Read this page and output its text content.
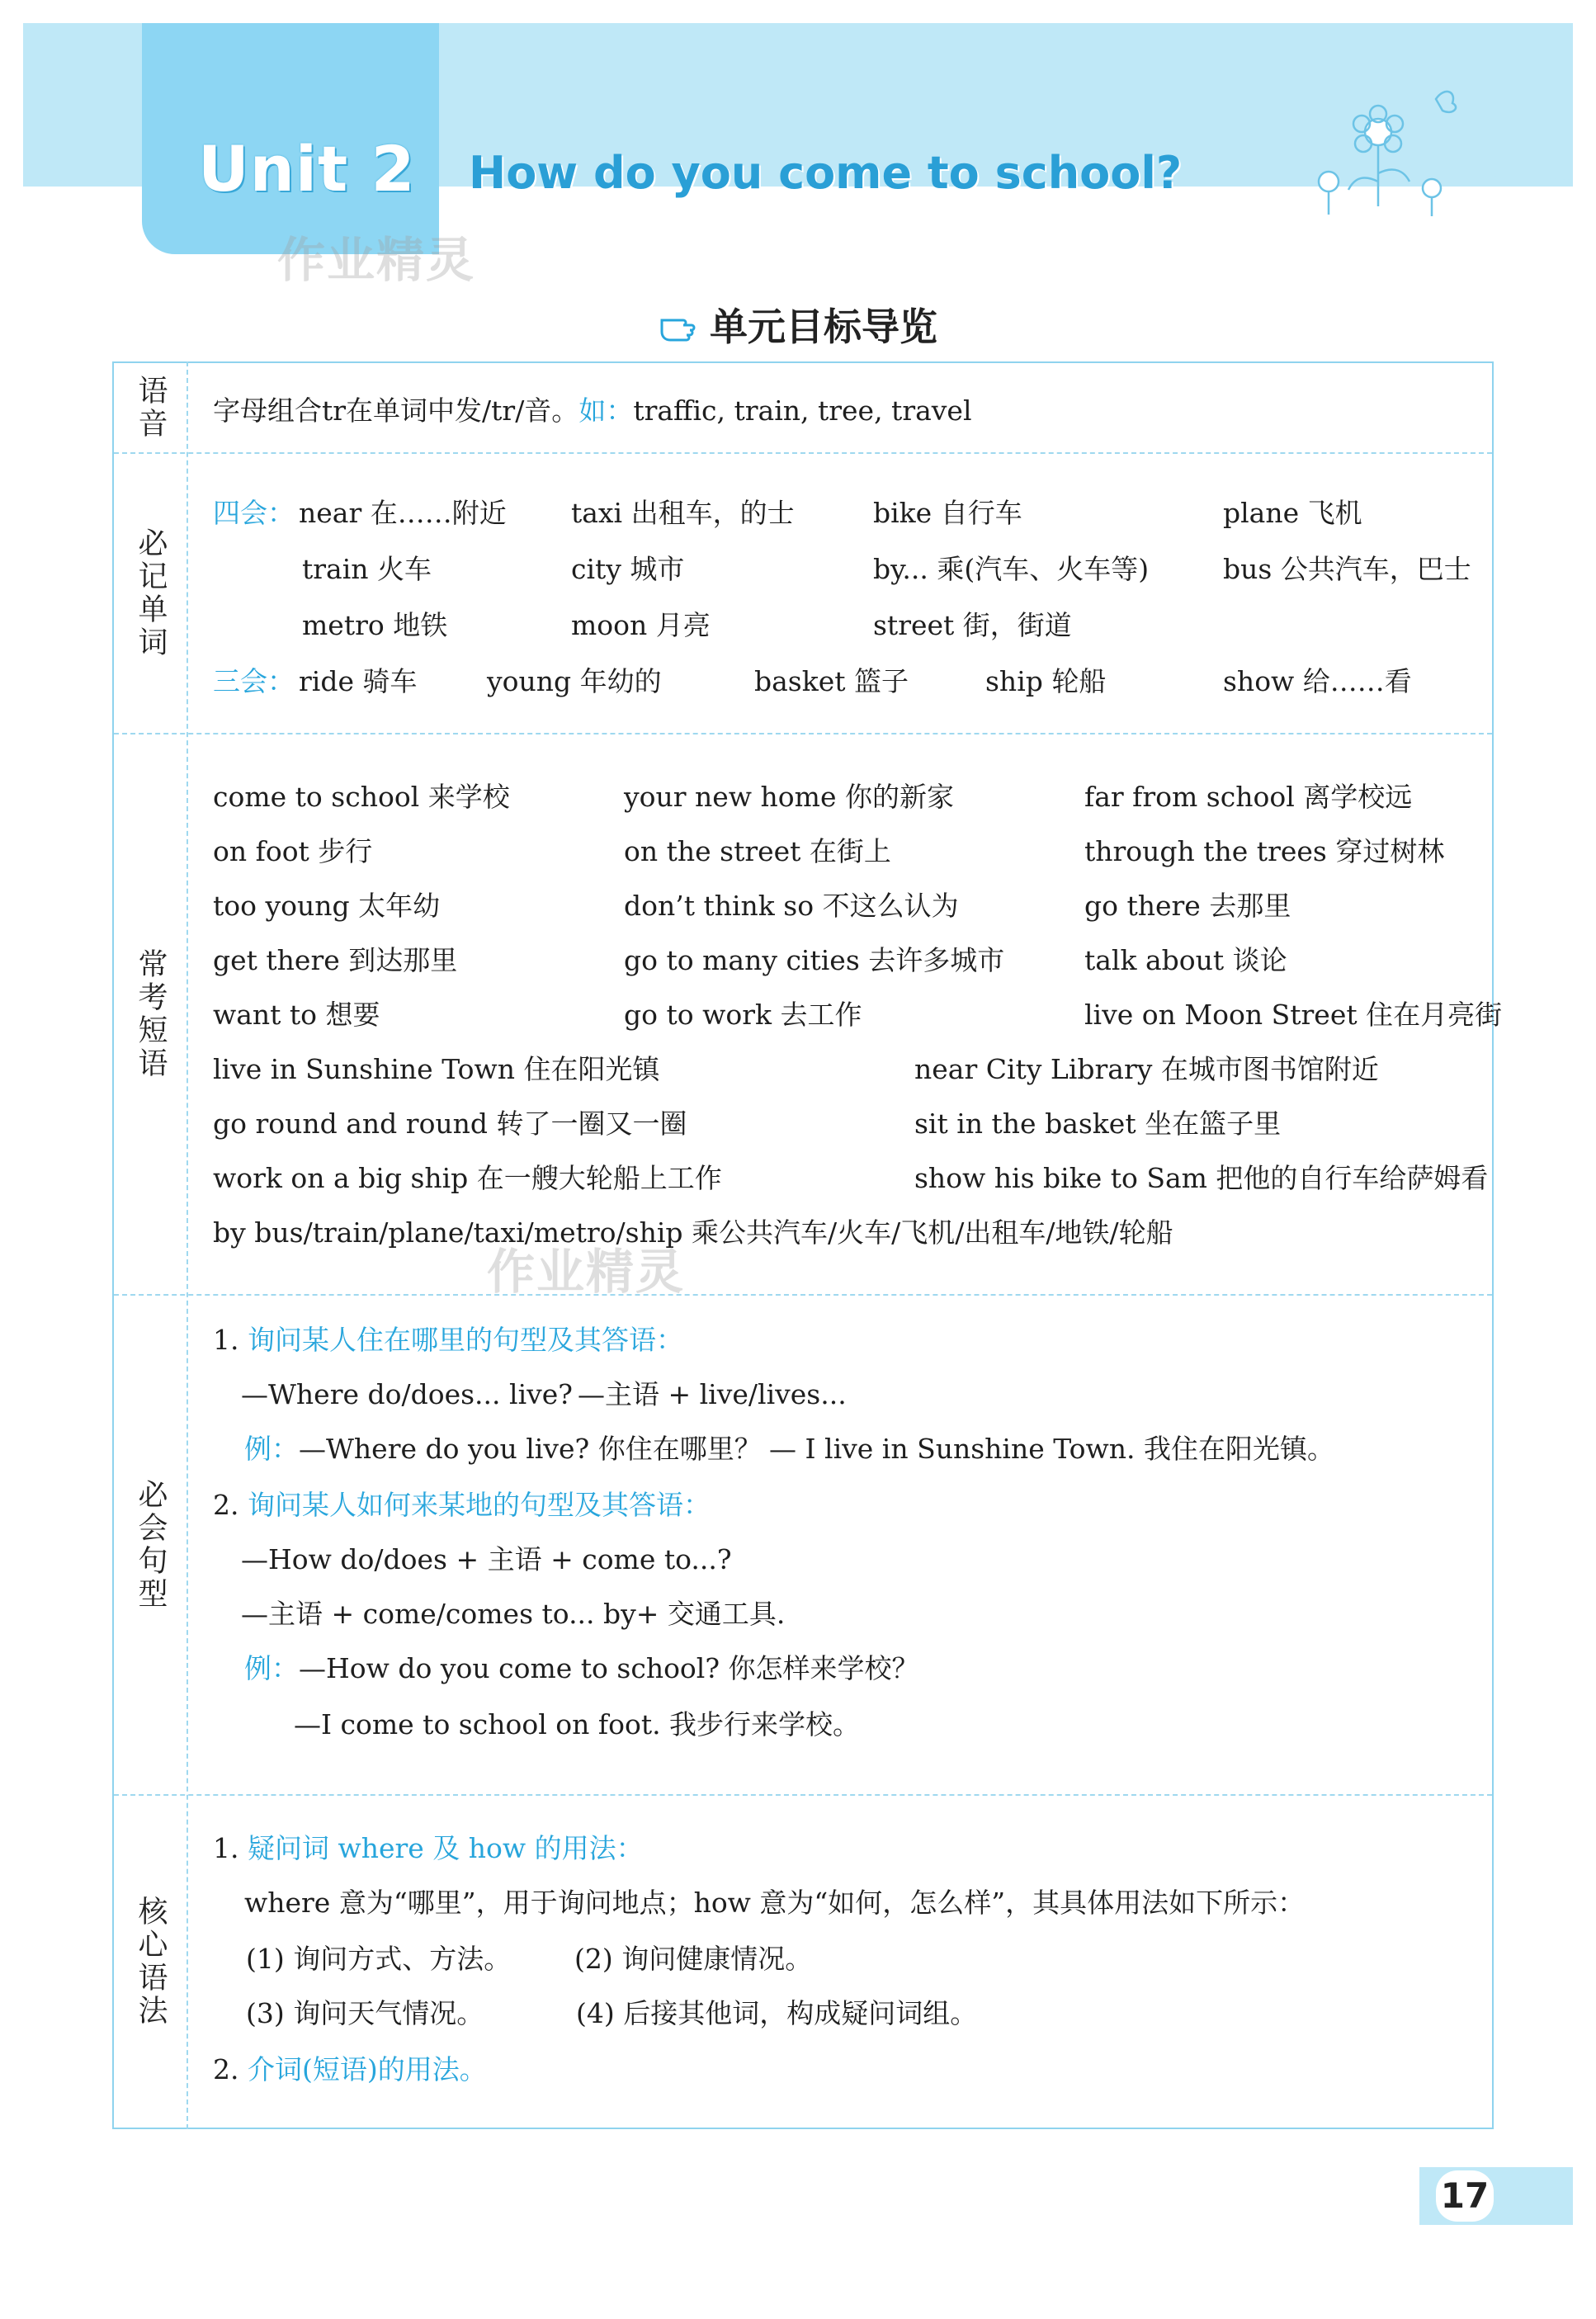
Unit 2 How do you come to school?
作业精灵
单元目标导览
语音
必记单词
常考短语
必会句型
核心语法
字母组合tr在单词中发/tr/音。如：traffic, train, tree, travel
四会： near 在……附近 taxi 出租车，的士	bike 自行车	plane 飞机
train 火车	city 城市	by... 乘(汽车、火车等)	bus 公共汽车，巴士
metro 地铁	moon 月亮	street 街，街道
三会： ride 骑车	young 年幼的	basket 篮子	ship 轮船	show 给……看
come to school 来学校	your new home 你的新家	far from school 离学校远
on foot 步行	on the street 在街上	through the trees 穿过树林
too young 太年幼	don’t think so 不这么认为	go there 去那里
get there 到达那里	go to many cities 去许多城市	talk about 谈论
want to 想要	go to work 去工作	live on Moon Street 住在月亮街
live in Sunshine Town 住在阳光镇	near City Library 在城市图书馆附近
go round and round 转了一圈又一圈	sit in the basket 坐在篮子里
work on a big ship 在一艘大轮船上工作	show his bike to Sam 把他的自行车给萨姆看
by bus/train/plane/taxi/metro/ship 乘公共汽车/火车/飞机/出租车/地铁/轮船
作业精灵
1. 询问某人住在哪里的句型及其答语：
—Where do/does... live? —主语 + live/lives...
例：—Where do you live? 你住在哪里？ — I live in Sunshine Town. 我住在阳光镇。
2. 询问某人如何来某地的句型及其答语：
—How do/does + 主语 + come to...?
—主语 + come/comes to... by+ 交通工具.
例：—How do you come to school? 你怎样来学校？
—I come to school on foot. 我步行来学校。
1. 疑问词 where 及 how 的用法：
where 意为“哪里”，用于询问地点；how 意为“如何，怎么样”，其具体用法如下所示：
(1) 询问方式、方法。 (2) 询问健康情况。
(3) 询问天气情况。	(4) 后接其他词，构成疑问词组。
2. 介词(短语)的用法。
17
